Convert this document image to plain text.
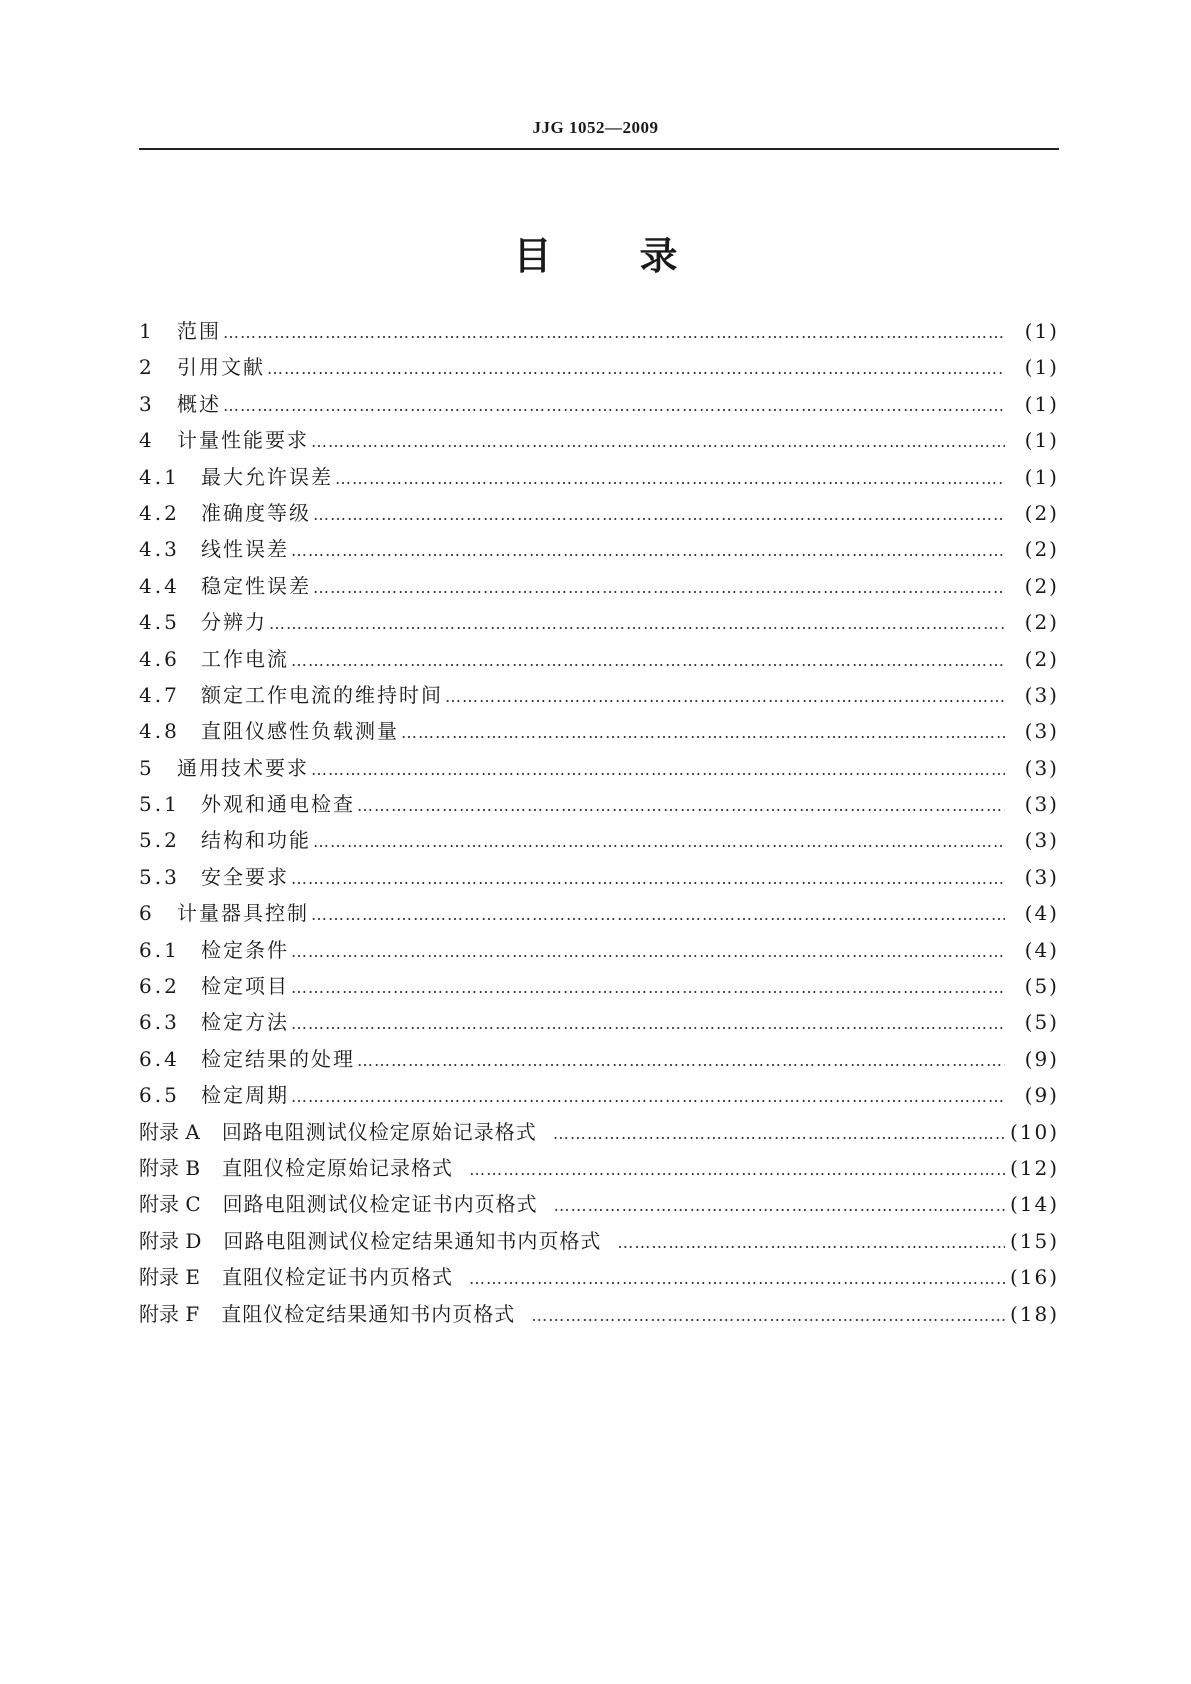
JJG 1052—2009
目 录
1	范围 …………………………………………………………………………………………………………………………………………………………………………………………………………………………………………………………………	(1)
2	引用文献 …………………………………………………………………………………………………………………………………………………………………………………………………………………………………………………………………	(1)
3	概述 …………………………………………………………………………………………………………………………………………………………………………………………………………………………………………………………………	(1)
4	计量性能要求 …………………………………………………………………………………………………………………………………………………………………………………………………………………………………………………………………	(1)
4.1	最大允许误差 …………………………………………………………………………………………………………………………………………………………………………………………………………………………………………………………………	(1)
4.2	准确度等级 …………………………………………………………………………………………………………………………………………………………………………………………………………………………………………………………………	(2)
4.3	线性误差 …………………………………………………………………………………………………………………………………………………………………………………………………………………………………………………………………	(2)
4.4	稳定性误差 …………………………………………………………………………………………………………………………………………………………………………………………………………………………………………………………………	(2)
4.5	分辨力 …………………………………………………………………………………………………………………………………………………………………………………………………………………………………………………………………	(2)
4.6	工作电流 …………………………………………………………………………………………………………………………………………………………………………………………………………………………………………………………………	(2)
4.7	额定工作电流的维持时间 …………………………………………………………………………………………………………………………………………………………………………………………………………………………………………………………………	(3)
4.8	直阻仪感性负载测量 …………………………………………………………………………………………………………………………………………………………………………………………………………………………………………………………………	(3)
5	通用技术要求 …………………………………………………………………………………………………………………………………………………………………………………………………………………………………………………………………	(3)
5.1	外观和通电检查 …………………………………………………………………………………………………………………………………………………………………………………………………………………………………………………………………	(3)
5.2	结构和功能 …………………………………………………………………………………………………………………………………………………………………………………………………………………………………………………………………	(3)
5.3	安全要求 …………………………………………………………………………………………………………………………………………………………………………………………………………………………………………………………………	(3)
6	计量器具控制 …………………………………………………………………………………………………………………………………………………………………………………………………………………………………………………………………	(4)
6.1	检定条件 …………………………………………………………………………………………………………………………………………………………………………………………………………………………………………………………………	(4)
6.2	检定项目 …………………………………………………………………………………………………………………………………………………………………………………………………………………………………………………………………	(5)
6.3	检定方法 …………………………………………………………………………………………………………………………………………………………………………………………………………………………………………………………………	(5)
6.4	检定结果的处理 …………………………………………………………………………………………………………………………………………………………………………………………………………………………………………………………………	(9)
6.5	检定周期 …………………………………………………………………………………………………………………………………………………………………………………………………………………………………………………………………	(9)
附录 A	回路电阻测试仪检定原始记录格式 …………………………………………………………………………………………………………………………………………………………………………………………………………………………………………………………………	(10)
附录 B	直阻仪检定原始记录格式 …………………………………………………………………………………………………………………………………………………………………………………………………………………………………………………………………	(12)
附录 C	回路电阻测试仪检定证书内页格式 …………………………………………………………………………………………………………………………………………………………………………………………………………………………………………………………………	(14)
附录 D	回路电阻测试仪检定结果通知书内页格式 …………………………………………………………………………………………………………………………………………………………………………………………………………………………………………………………………	(15)
附录 E	直阻仪检定证书内页格式 …………………………………………………………………………………………………………………………………………………………………………………………………………………………………………………………………	(16)
附录 F	直阻仪检定结果通知书内页格式 …………………………………………………………………………………………………………………………………………………………………………………………………………………………………………………………………	(18)
